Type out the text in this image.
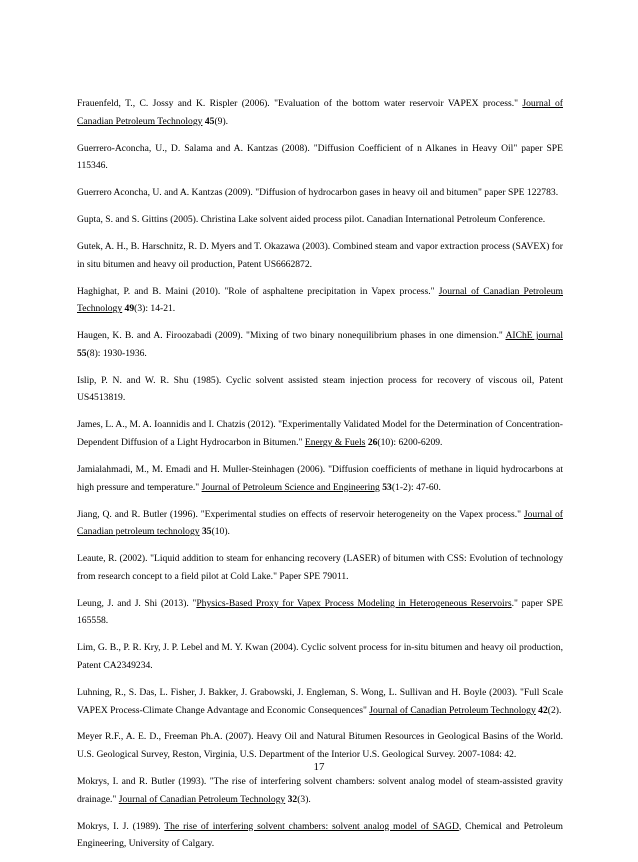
Frauenfeld, T., C. Jossy and K. Rispler (2006). "Evaluation of the bottom water reservoir VAPEX process." Journal of Canadian Petroleum Technology 45(9).

Guerrero-Aconcha, U., D. Salama and A. Kantzas (2008). "Diffusion Coefficient of n Alkanes in Heavy Oil" paper SPE 115346.

Guerrero Aconcha, U. and A. Kantzas (2009). "Diffusion of hydrocarbon gases in heavy oil and bitumen" paper SPE 122783.

Gupta, S. and S. Gittins (2005). Christina Lake solvent aided process pilot. Canadian International Petroleum Conference.

Gutek, A. H., B. Harschnitz, R. D. Myers and T. Okazawa (2003). Combined steam and vapor extraction process (SAVEX) for in situ bitumen and heavy oil production, Patent US6662872.

Haghighat, P. and B. Maini (2010). "Role of asphaltene precipitation in Vapex process." Journal of Canadian Petroleum Technology 49(3): 14-21.

Haugen, K. B. and A. Firoozabadi (2009). "Mixing of two binary nonequilibrium phases in one dimension." AIChE journal 55(8): 1930-1936.

Islip, P. N. and W. R. Shu (1985). Cyclic solvent assisted steam injection process for recovery of viscous oil, Patent US4513819.

James, L. A., M. A. Ioannidis and I. Chatzis (2012). "Experimentally Validated Model for the Determination of Concentration-Dependent Diffusion of a Light Hydrocarbon in Bitumen." Energy & Fuels 26(10): 6200-6209.

Jamialahmadi, M., M. Emadi and H. Muller-Steinhagen (2006). "Diffusion coefficients of methane in liquid hydrocarbons at high pressure and temperature." Journal of Petroleum Science and Engineering 53(1-2): 47-60.

Jiang, Q. and R. Butler (1996). "Experimental studies on effects of reservoir heterogeneity on the Vapex process." Journal of Canadian petroleum technology 35(10).

Leaute, R. (2002). "Liquid addition to steam for enhancing recovery (LASER) of bitumen with CSS: Evolution of technology from research concept to a field pilot at Cold Lake." Paper SPE 79011.

Leung, J. and J. Shi (2013). "Physics-Based Proxy for Vapex Process Modeling in Heterogeneous Reservoirs." paper SPE 165558.

Lim, G. B., P. R. Kry, J. P. Lebel and M. Y. Kwan (2004). Cyclic solvent process for in-situ bitumen and heavy oil production, Patent CA2349234.

Luhning, R., S. Das, L. Fisher, J. Bakker, J. Grabowski, J. Engleman, S. Wong, L. Sullivan and H. Boyle (2003). "Full Scale VAPEX Process-Climate Change Advantage and Economic Consequences" Journal of Canadian Petroleum Technology 42(2).

Meyer R.F., A. E. D., Freeman Ph.A. (2007). Heavy Oil and Natural Bitumen Resources in Geological Basins of the World. U.S. Geological Survey, Reston, Virginia, U.S. Department of the Interior U.S. Geological Survey. 2007-1084: 42.

Mokrys, I. and R. Butler (1993). "The rise of interfering solvent chambers: solvent analog model of steam-assisted gravity drainage." Journal of Canadian Petroleum Technology 32(3).

Mokrys, I. J. (1989). The rise of interfering solvent chambers: solvent analog model of SAGD, Chemical and Petroleum Engineering, University of Calgary.

17
